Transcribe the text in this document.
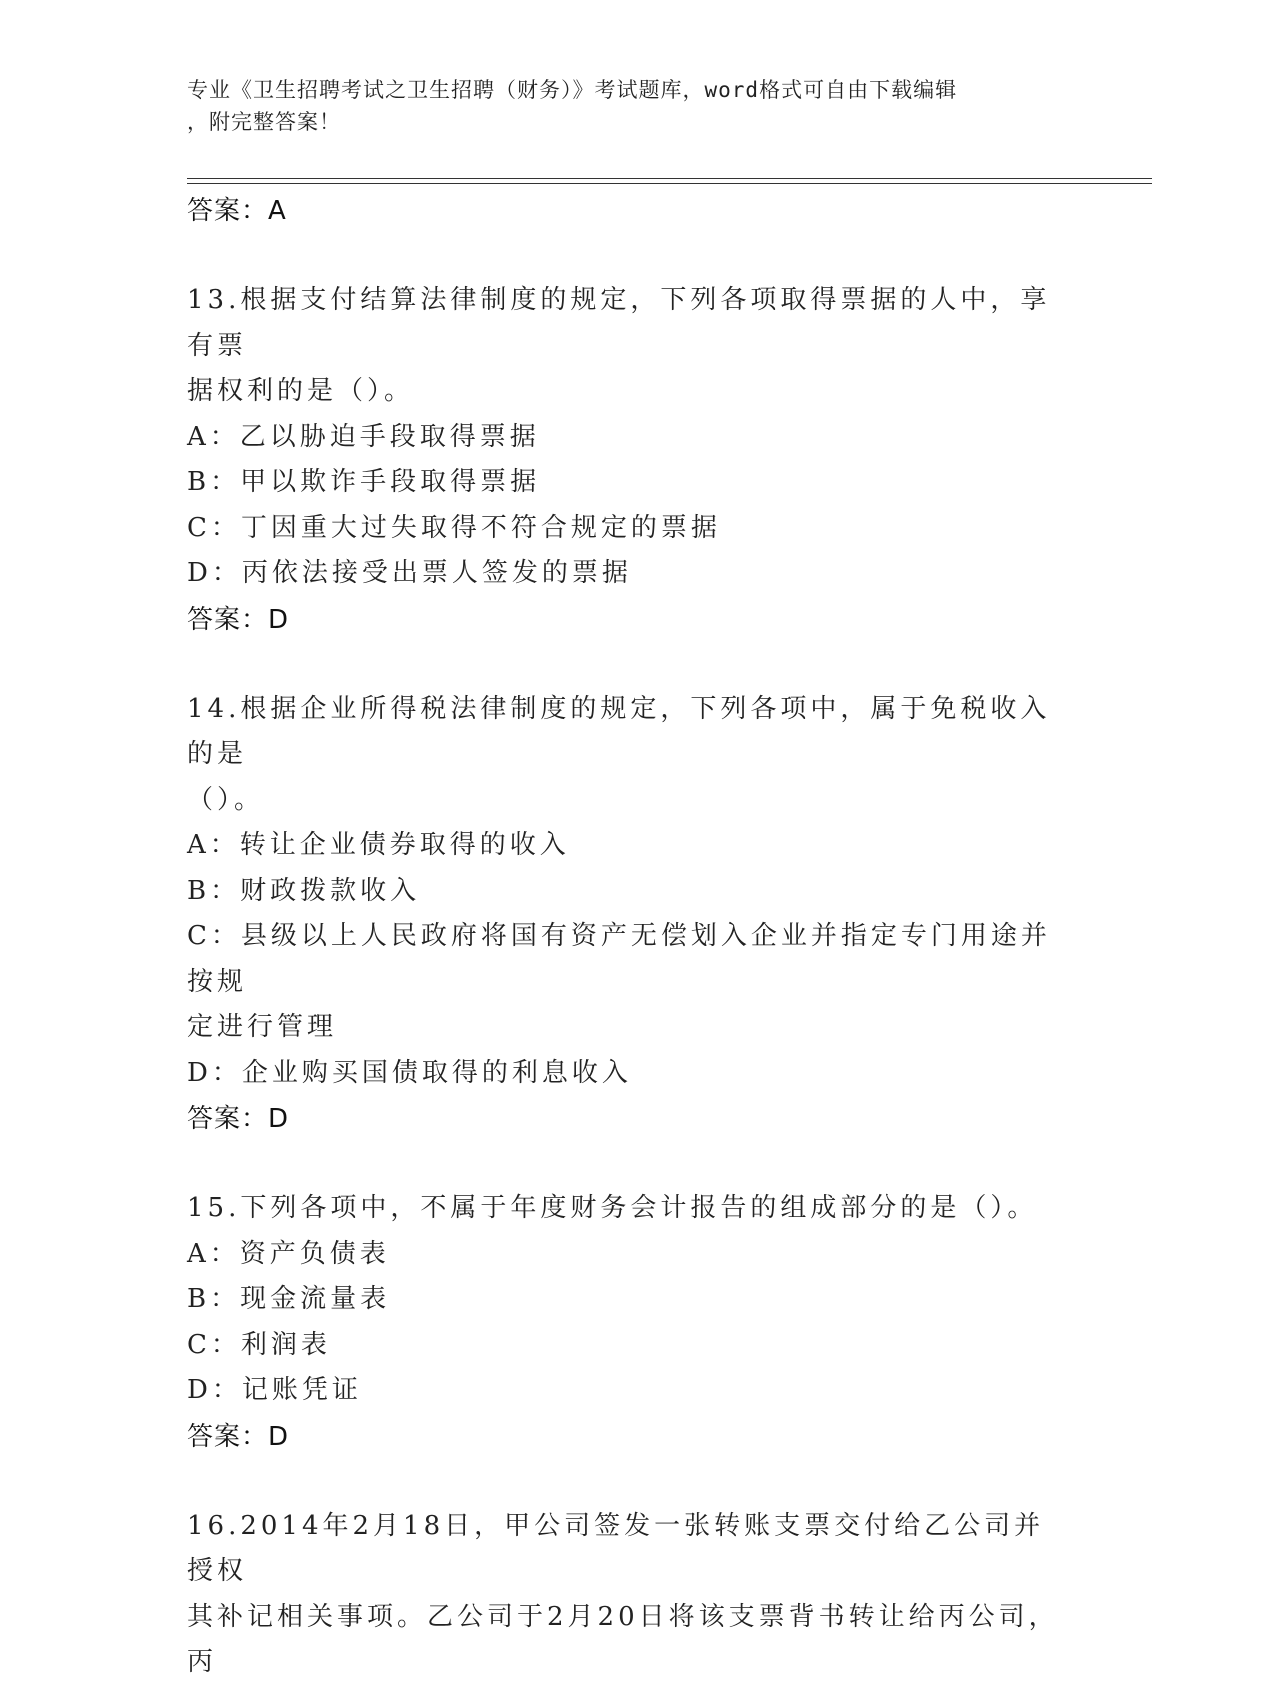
专业《卫生招聘考试之卫生招聘（财务）》考试题库，word格式可自由下载编辑
，附完整答案！
答案：A
13.根据支付结算法律制度的规定，下列各项取得票据的人中，享有票
据权利的是（）。
A：乙以胁迫手段取得票据
B：甲以欺诈手段取得票据
C：丁因重大过失取得不符合规定的票据
D：丙依法接受出票人签发的票据
答案：D
14.根据企业所得税法律制度的规定，下列各项中，属于免税收入的是
（）。
A：转让企业债券取得的收入
B：财政拨款收入
C：县级以上人民政府将国有资产无偿划入企业并指定专门用途并按规
定进行管理
D：企业购买国债取得的利息收入
答案：D
15.下列各项中，不属于年度财务会计报告的组成部分的是（）。
A：资产负债表
B：现金流量表
C：利润表
D：记账凭证
答案：D
16.2014年2月18日，甲公司签发一张转账支票交付给乙公司并授权
其补记相关事项。乙公司于2月20日将该支票背书转让给丙公司，丙
